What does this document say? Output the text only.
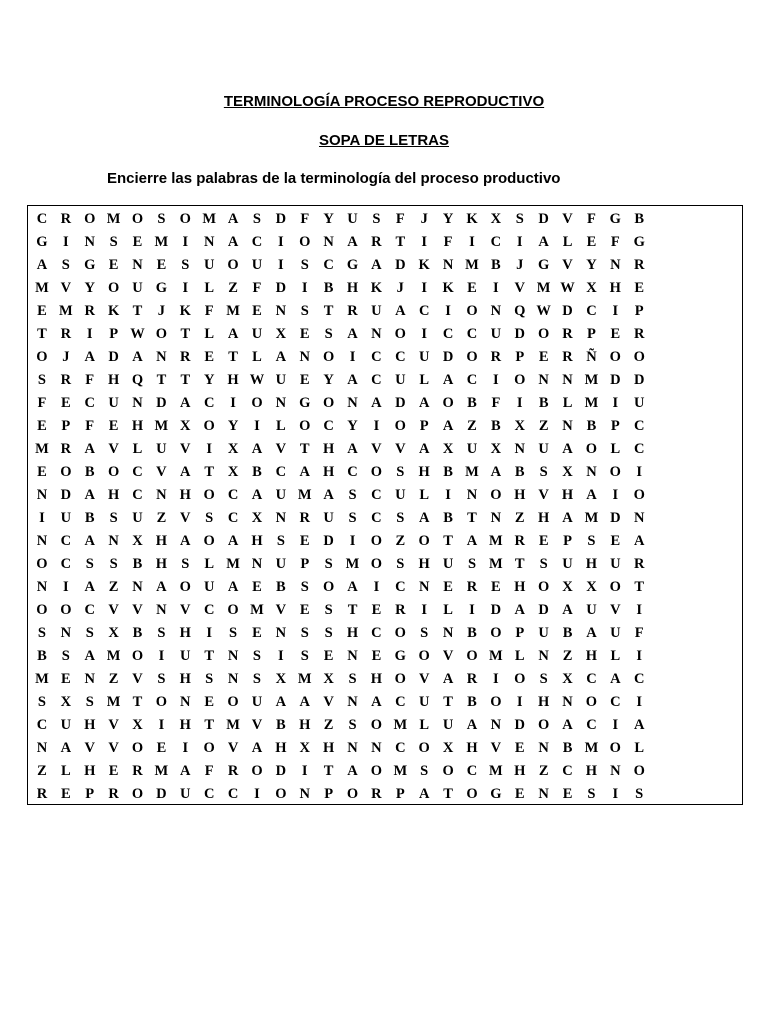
TERMINOLOGÍA PROCESO REPRODUCTIVO
SOPA DE LETRAS
Encierre las palabras de la terminología del proceso productivo
C R O M O S O M A	S	D F Y U	S	F	J	Y K X	S	D V F G B
G	I	N	S	E M I	N A C	I	O N A R T	I	F	I	C	I	A L E	F G
A	S G E N E	S	U O U	I	S	C G A D K N M B	J	G V Y N R
M V Y O U G	I	L Z	F D	I	B H K	J	I	K E	I	V M W X H E
E M R K T	J	K F M E N	S	T R U A C	I	O N Q W D C	I	P
T R	I	P W O T L A U X E	S	A N O	I	C C U D O R P	E R
O	J	A D A N R E T L A N O	I	C C U D O R P	E R Ñ O O
S	R F H Q T T Y H W U E Y A C U L A C	I	O N N M D D
F	E C U N D A C	I	O N G O N A D A O B	F	I	B L M I	U
E	P	F	E H M X O Y	I	L O C Y	I	O P A Z B X Z N B	P C
M R A V L U V	I	X A V T H A V V A X U X N U A O L C
E O B O C V A T X B C A H C O S H B M A B	S	X N O	I
N D A H C N H O C A U M A	S	C U L	I	N O H V H A	I	O
I	U B	S	U Z V	S	C X N R U	S	C	S	A B T N Z H A M D N
N C A N X H A O A H S	E D	I	O Z O T A M R E	P	S	E A
O C	S	S	B H S	L M N U P	S M O S H U	S M T	S	U H U R
N	I	A Z N A O U A E B	S O A	I	C N E R E H O X X O T
O O C V V N V C O M V E	S	T E R	I	L	I	D A D A U V	I
S	N	S	X B	S H	I	S	E N	S	S H C O S	N B O P U B A U F
B	S	A M O	I	U T N	S	I	S	E N E G O V O M L N Z H L	I
M E N Z V	S H S	N	S	X M X	S H O V A R	I	O S	X C A C
S	X	S M T O N E O U A A V N A C U T B O	I	H N O C	I
C U H V X	I	H T M V B H Z	S O M L U A N D O A C	I	A
N A V V O E	I	O V A H X H N N C O X H V E N B M O L
Z L H E R M A F R O D	I	T A O M S O C M H Z C H N O
R E	P R O D U C C	I	O N P O R P A T O G E N E	S	I	S
